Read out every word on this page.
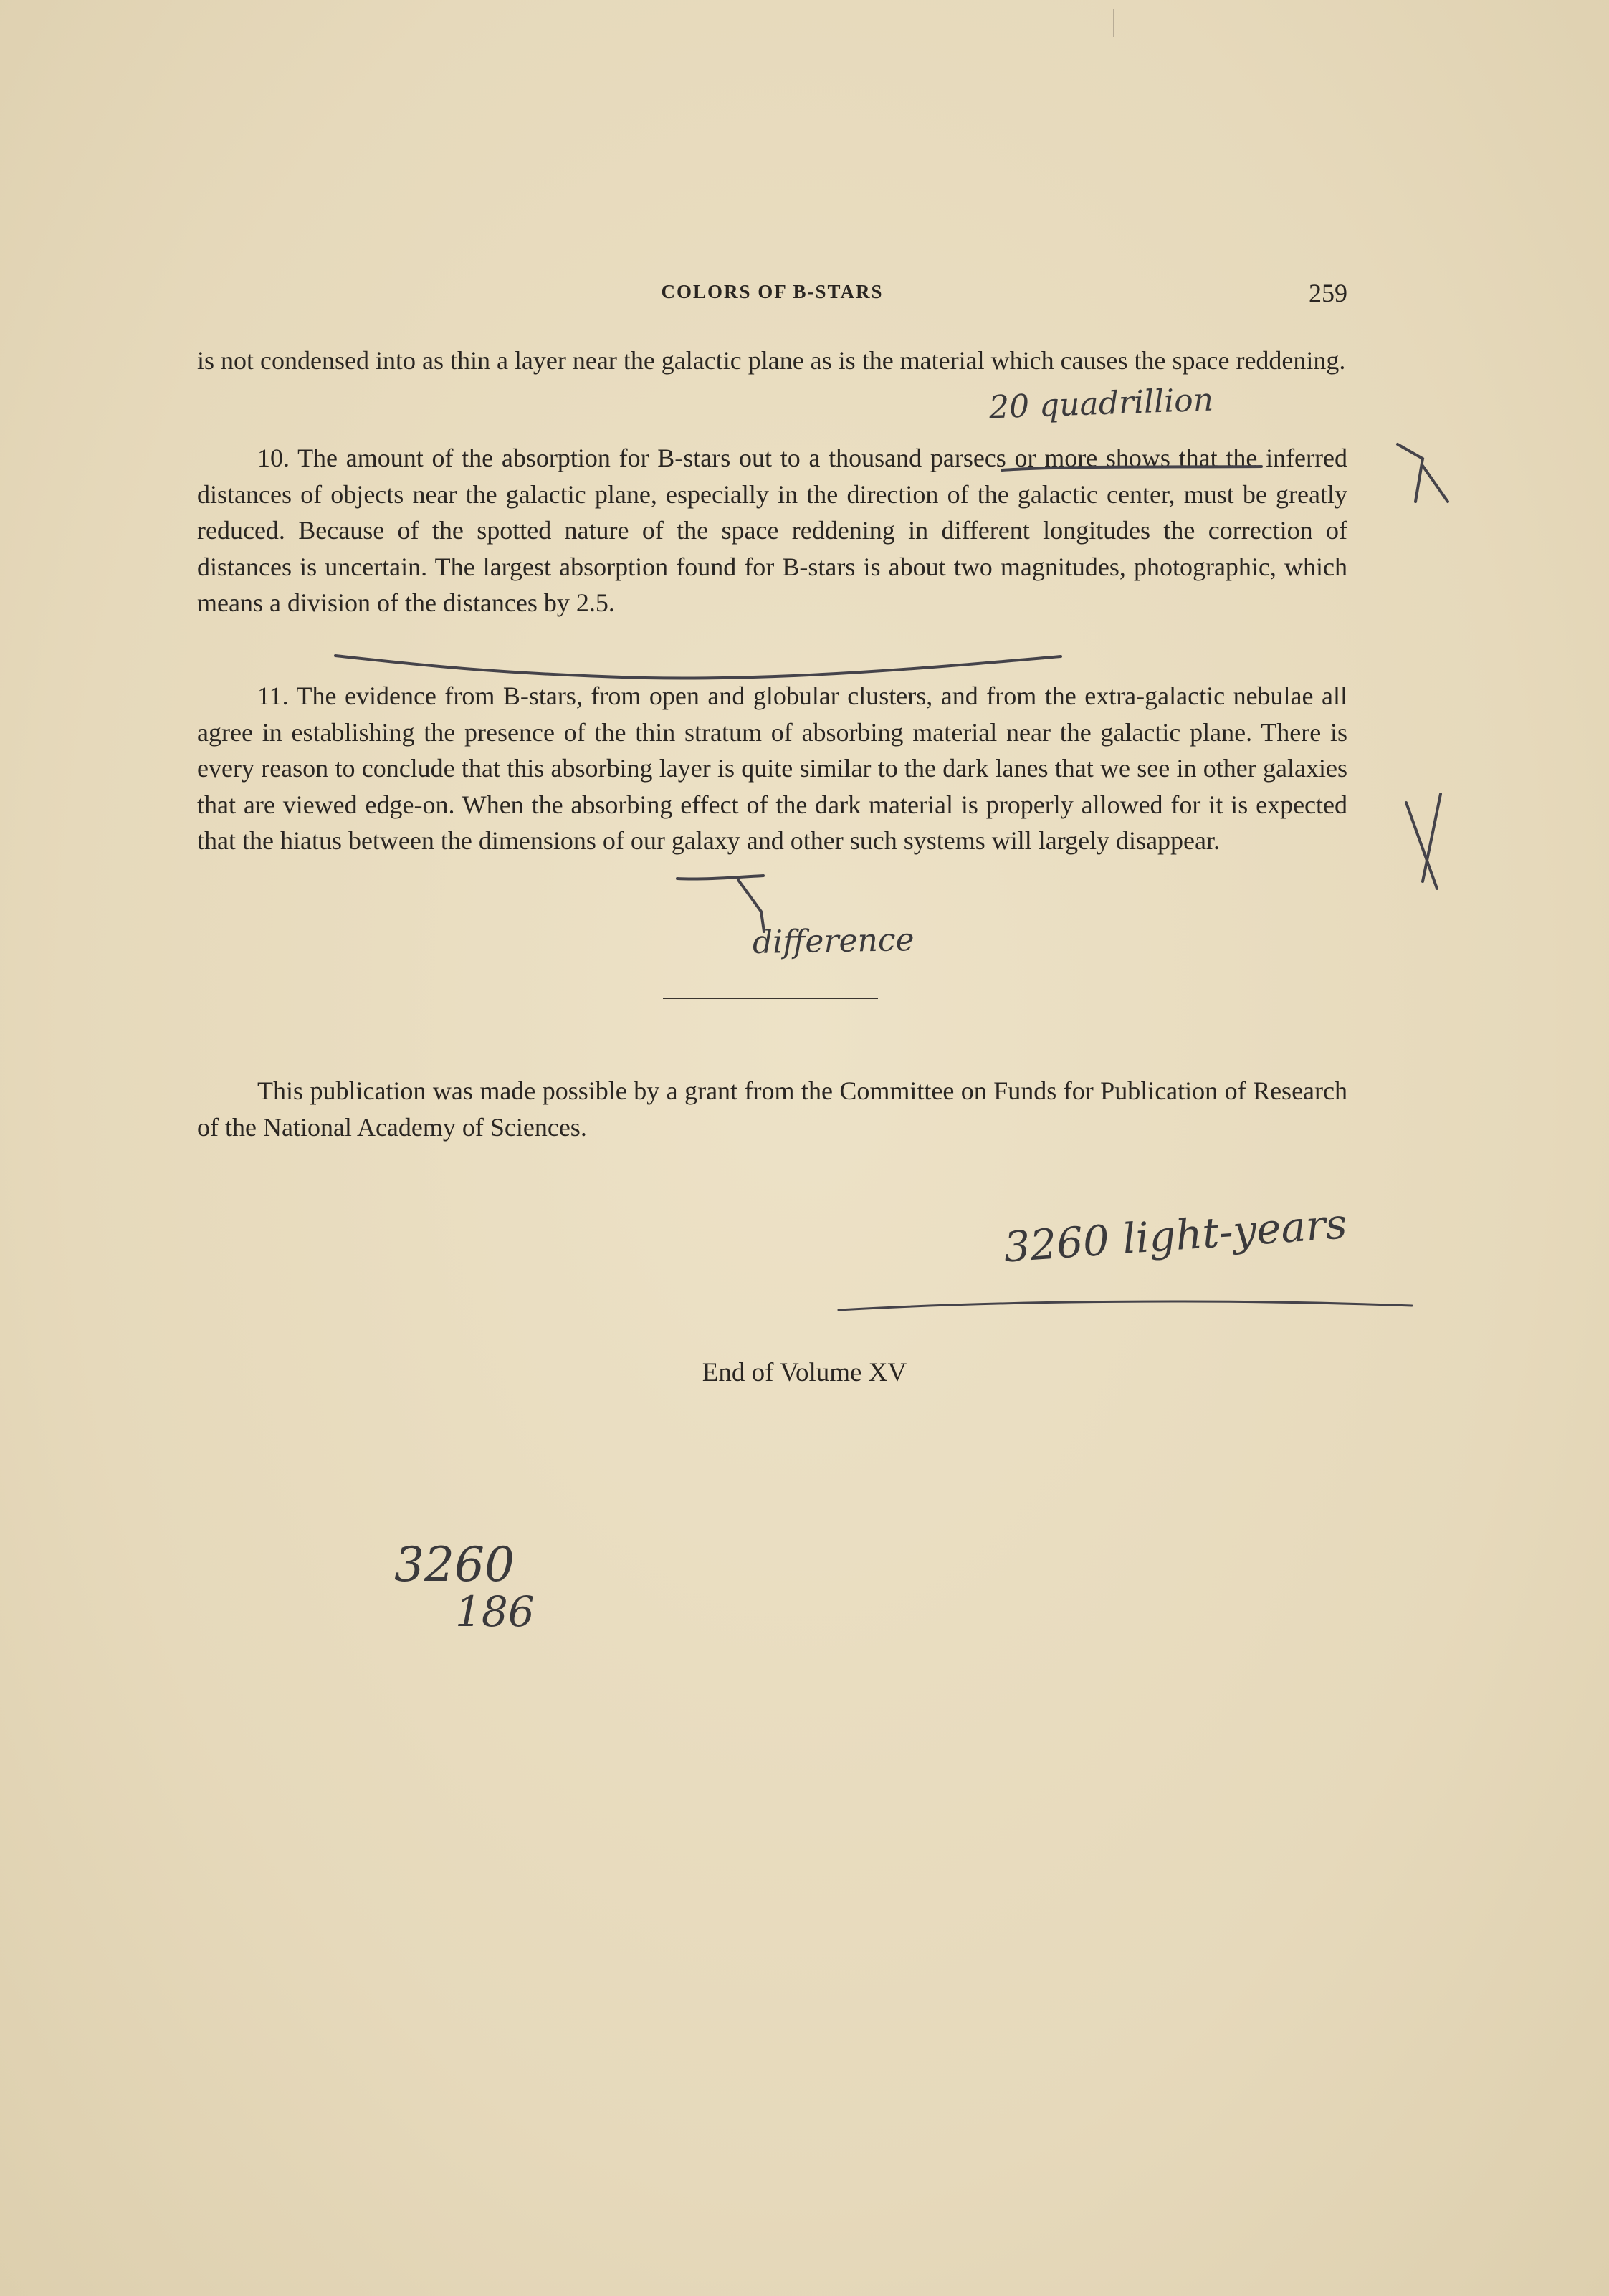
COLORS OF B-STARS	259

is not condensed into as thin a layer near the galactic plane as is the material which causes the space reddening.

10. The amount of the absorption for B-stars out to a thousand parsecs or more shows that the inferred distances of objects near the galactic plane, especially in the direction of the galactic center, must be greatly reduced. Because of the spotted nature of the space reddening in different longitudes the correction of distances is uncertain. The largest absorption found for B-stars is about two magnitudes, photographic, which means a division of the distances by 2.5.

11. The evidence from B-stars, from open and globular clusters, and from the extra-galactic nebulae all agree in establishing the presence of the thin stratum of absorbing material near the galactic plane. There is every reason to conclude that this absorbing layer is quite similar to the dark lanes that we see in other galaxies that are viewed edge-on. When the absorbing effect of the dark material is properly allowed for it is expected that the hiatus between the dimensions of our galaxy and other such systems will largely disappear.

This publication was made possible by a grant from the Committee on Funds for Publication of Research of the National Academy of Sciences.

End of Volume XV
20 quadrillion
difference
3260 light-years
3260
186
